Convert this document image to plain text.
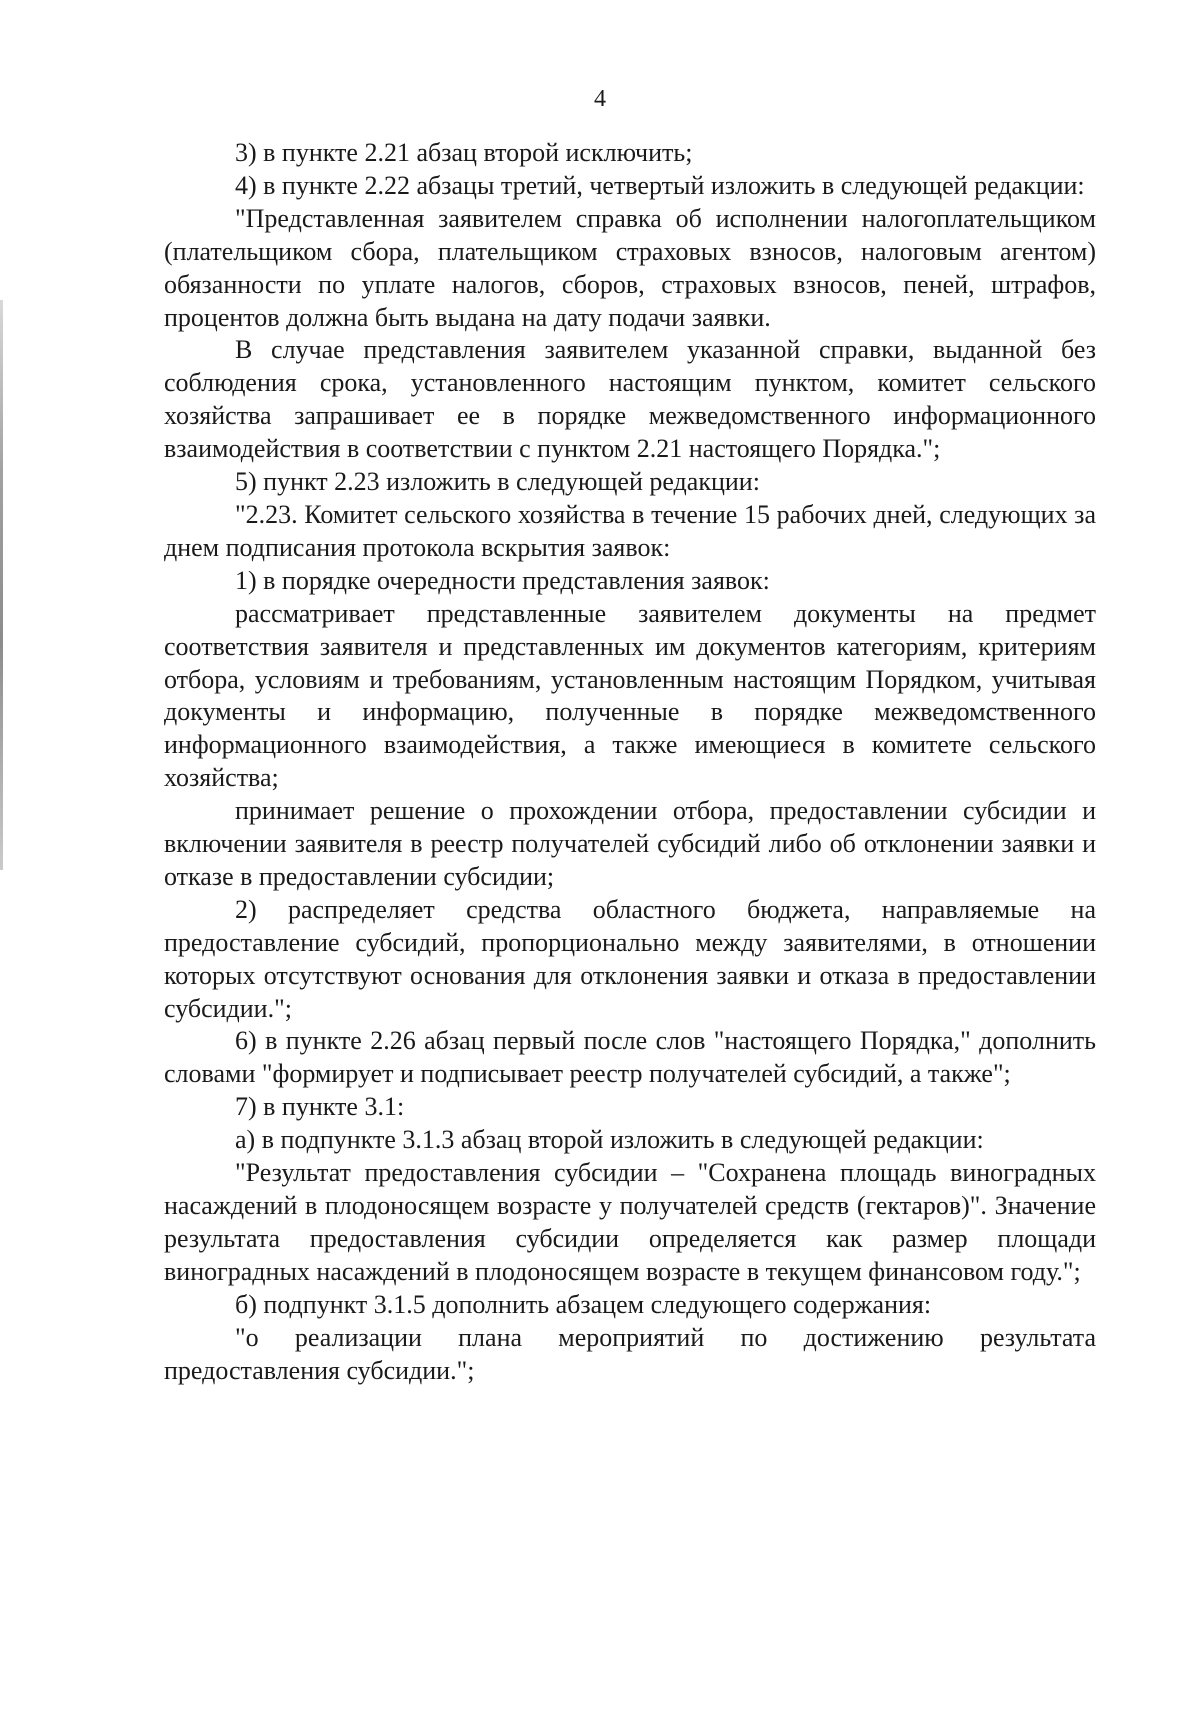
4

3) в пункте 2.21 абзац второй исключить;

4) в пункте 2.22 абзацы третий, четвертый изложить в следующей редакции:

"Представленная заявителем справка об исполнении налогоплательщиком (плательщиком сбора, плательщиком страховых взносов, налоговым агентом) обязанности по уплате налогов, сборов, страховых взносов, пеней, штрафов, процентов должна быть выдана на дату подачи заявки.

В случае представления заявителем указанной справки, выданной без соблюдения срока, установленного настоящим пунктом, комитет сельского хозяйства запрашивает ее в порядке межведомственного информационного взаимодействия в соответствии с пунктом 2.21 настоящего Порядка.";

5) пункт 2.23 изложить в следующей редакции:

"2.23. Комитет сельского хозяйства в течение 15 рабочих дней, следующих за днем подписания протокола вскрытия заявок:

1) в порядке очередности представления заявок:

рассматривает представленные заявителем документы на предмет соответствия заявителя и представленных им документов категориям, критериям отбора, условиям и требованиям, установленным настоящим Порядком, учитывая документы и информацию, полученные в порядке межведомственного информационного взаимодействия, а также имеющиеся в комитете сельского хозяйства;

принимает решение о прохождении отбора, предоставлении субсидии и включении заявителя в реестр получателей субсидий либо об отклонении заявки и отказе в предоставлении субсидии;

2) распределяет средства областного бюджета, направляемые на предоставление субсидий, пропорционально между заявителями, в отношении которых отсутствуют основания для отклонения заявки и отказа в предоставлении субсидии.";

6) в пункте 2.26 абзац первый после слов "настоящего Порядка," дополнить словами "формирует и подписывает реестр получателей субсидий, а также";

7) в пункте 3.1:

а) в подпункте 3.1.3 абзац второй изложить в следующей редакции:

"Результат предоставления субсидии – "Сохранена площадь виноградных насаждений в плодоносящем возрасте у получателей средств (гектаров)". Значение результата предоставления субсидии определяется как размер площади виноградных насаждений в плодоносящем возрасте в текущем финансовом году.";

б) подпункт 3.1.5 дополнить абзацем следующего содержания:

"о реализации плана мероприятий по достижению результата предоставления субсидии.";
